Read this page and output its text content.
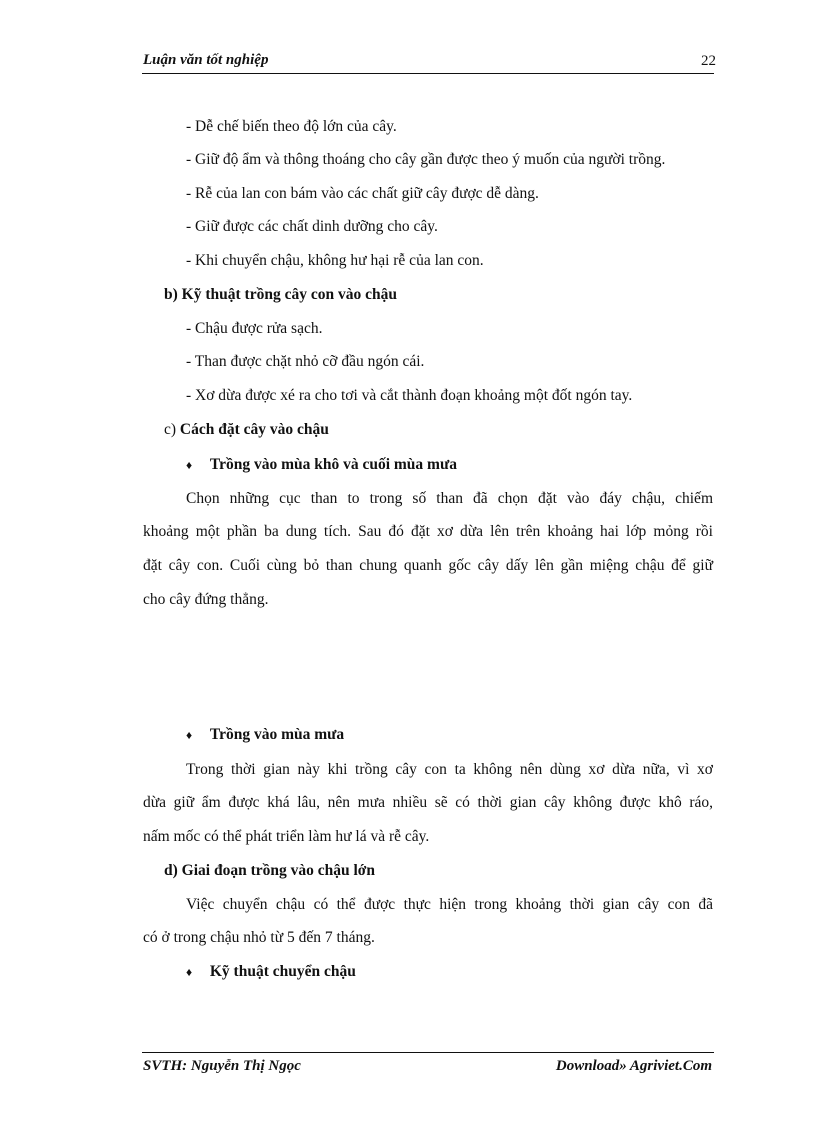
Luận văn tốt nghiệp	22
- Dễ chế biến theo độ lớn của cây.
- Giữ độ ẩm và thông thoáng cho cây gần được theo ý muốn của người trồng.
- Rễ của lan con bám vào các chất giữ cây được dễ dàng.
- Giữ được các chất dinh dưỡng cho cây.
- Khi chuyển chậu, không hư hại rễ của lan con.
b) Kỹ thuật trồng cây con vào chậu
- Chậu được rửa sạch.
- Than được chặt nhỏ cỡ đầu ngón cái.
- Xơ dừa được xé ra cho tơi và cắt thành đoạn khoảng một đốt ngón tay.
c) Cách đặt cây vào chậu
♦ Trồng vào mùa khô và cuối mùa mưa
Chọn những cục than to trong số than đã chọn đặt vào đáy chậu, chiếm
khoảng một phần ba dung tích. Sau đó đặt xơ dừa lên trên khoảng hai lớp mỏng rồi
đặt cây con. Cuối cùng bỏ than chung quanh gốc cây dấy lên gần miệng chậu để giữ
cho cây đứng thẳng.
♦ Trồng vào mùa mưa
Trong thời gian này khi trồng cây con ta không nên dùng xơ dừa nữa, vì xơ
dừa giữ ẩm được khá lâu, nên mưa nhiều sẽ có thời gian cây không được khô ráo,
nấm mốc có thể phát triển làm hư lá và rễ cây.
d) Giai đoạn trồng vào chậu lớn
Việc chuyển chậu có thể được thực hiện trong khoảng thời gian cây con đã
có ở trong chậu nhỏ từ 5 đến 7 tháng.
♦ Kỹ thuật chuyển chậu
SVTH: Nguyễn Thị Ngọc	Download» Agriviet.Com
